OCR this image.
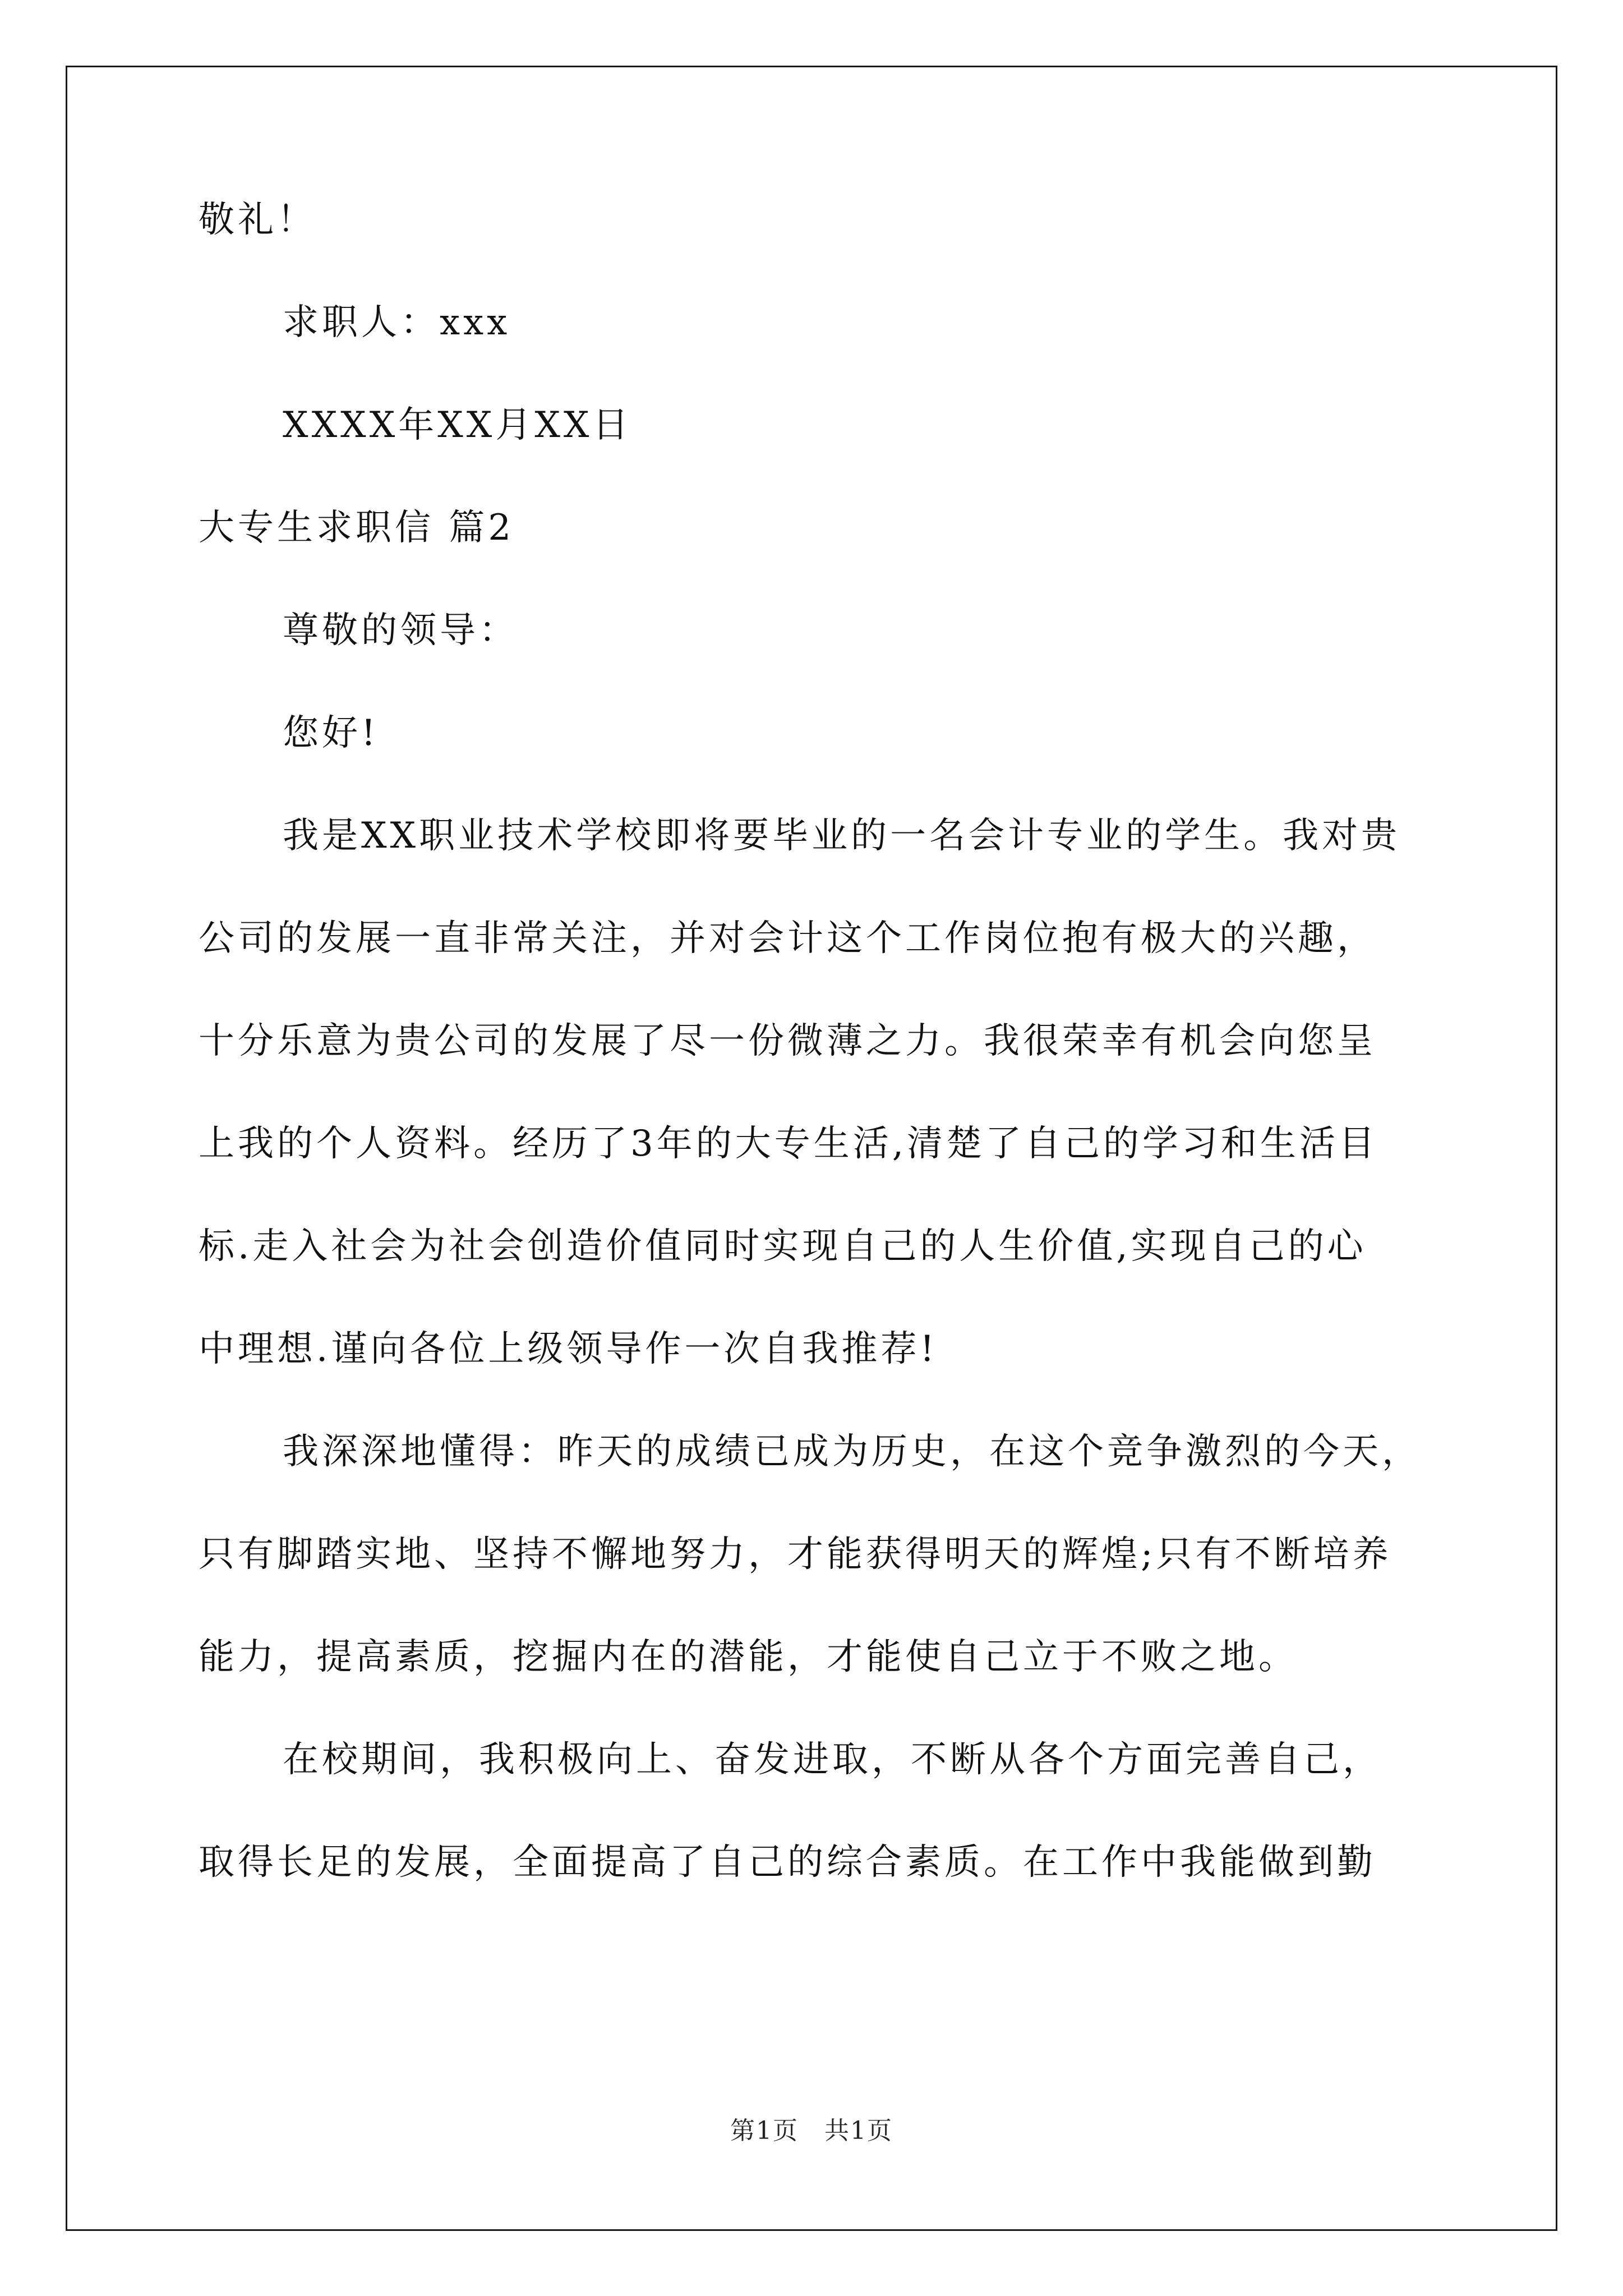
敬礼！
求职人：xxx
XXXX年XX月XX日
大专生求职信 篇2
尊敬的领导：
您好!
我是XX职业技术学校即将要毕业的一名会计专业的学生。我对贵
公司的发展一直非常关注，并对会计这个工作岗位抱有极大的兴趣，
十分乐意为贵公司的发展了尽一份微薄之力。我很荣幸有机会向您呈
上我的个人资料。经历了3年的大专生活,清楚了自己的学习和生活目
标.走入社会为社会创造价值同时实现自己的人生价值,实现自己的心
中理想.谨向各位上级领导作一次自我推荐!
我深深地懂得：昨天的成绩已成为历史，在这个竞争激烈的今天，
只有脚踏实地、坚持不懈地努力，才能获得明天的辉煌;只有不断培养
能力，提高素质，挖掘内在的潜能，才能使自己立于不败之地。
在校期间，我积极向上、奋发进取，不断从各个方面完善自己，
取得长足的发展，全面提高了自己的综合素质。在工作中我能做到勤
第1页　共1页
